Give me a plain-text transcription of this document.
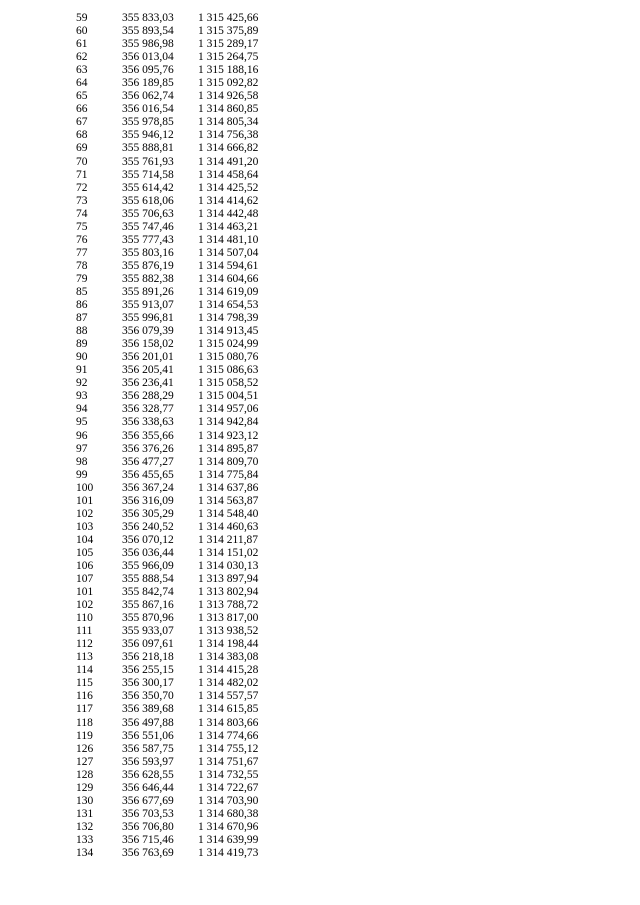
59	355 833,03	1 315 425,66
60	355 893,54	1 315 375,89
61	355 986,98	1 315 289,17
62	356 013,04	1 315 264,75
63	356 095,76	1 315 188,16
64	356 189,85	1 315 092,82
65	356 062,74	1 314 926,58
66	356 016,54	1 314 860,85
67	355 978,85	1 314 805,34
68	355 946,12	1 314 756,38
69	355 888,81	1 314 666,82
70	355 761,93	1 314 491,20
71	355 714,58	1 314 458,64
72	355 614,42	1 314 425,52
73	355 618,06	1 314 414,62
74	355 706,63	1 314 442,48
75	355 747,46	1 314 463,21
76	355 777,43	1 314 481,10
77	355 803,16	1 314 507,04
78	355 876,19	1 314 594,61
79	355 882,38	1 314 604,66
85	355 891,26	1 314 619,09
86	355 913,07	1 314 654,53
87	355 996,81	1 314 798,39
88	356 079,39	1 314 913,45
89	356 158,02	1 315 024,99
90	356 201,01	1 315 080,76
91	356 205,41	1 315 086,63
92	356 236,41	1 315 058,52
93	356 288,29	1 315 004,51
94	356 328,77	1 314 957,06
95	356 338,63	1 314 942,84
96	356 355,66	1 314 923,12
97	356 376,26	1 314 895,87
98	356 477,27	1 314 809,70
99	356 455,65	1 314 775,84
100	356 367,24	1 314 637,86
101	356 316,09	1 314 563,87
102	356 305,29	1 314 548,40
103	356 240,52	1 314 460,63
104	356 070,12	1 314 211,87
105	356 036,44	1 314 151,02
106	355 966,09	1 314 030,13
107	355 888,54	1 313 897,94
101	355 842,74	1 313 802,94
102	355 867,16	1 313 788,72
110	355 870,96	1 313 817,00
111	355 933,07	1 313 938,52
112	356 097,61	1 314 198,44
113	356 218,18	1 314 383,08
114	356 255,15	1 314 415,28
115	356 300,17	1 314 482,02
116	356 350,70	1 314 557,57
117	356 389,68	1 314 615,85
118	356 497,88	1 314 803,66
119	356 551,06	1 314 774,66
126	356 587,75	1 314 755,12
127	356 593,97	1 314 751,67
128	356 628,55	1 314 732,55
129	356 646,44	1 314 722,67
130	356 677,69	1 314 703,90
131	356 703,53	1 314 680,38
132	356 706,80	1 314 670,96
133	356 715,46	1 314 639,99
134	356 763,69	1 314 419,73
